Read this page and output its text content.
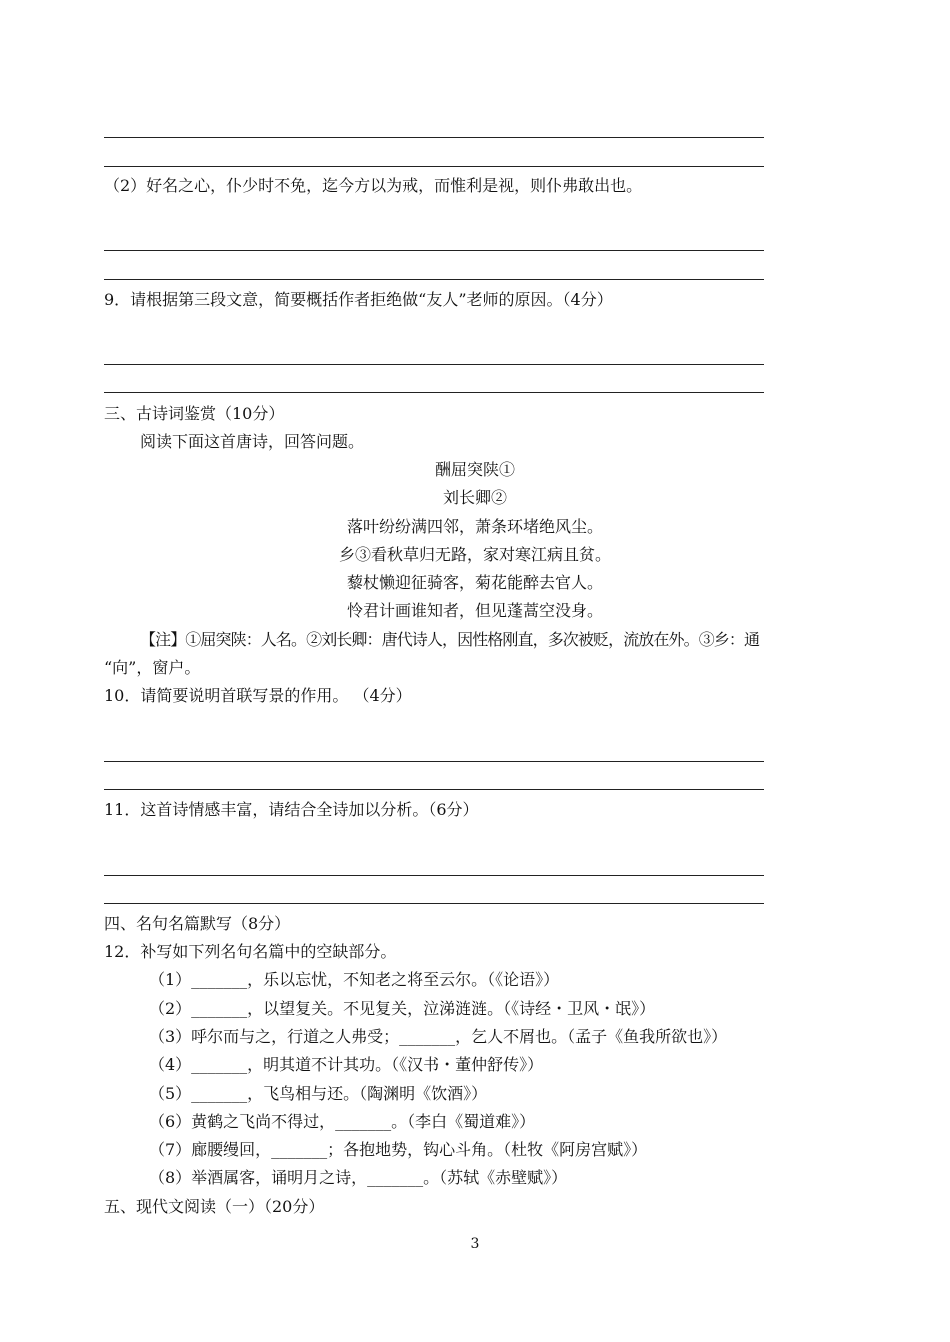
（2）好名之心，仆少时不免，迄今方以为戒，而惟利是视，则仆弗敢出也。
9．请根据第三段文意，简要概括作者拒绝做“友人”老师的原因。（4分）
三、古诗词鉴赏（10分）
阅读下面这首唐诗，回答问题。
酬屈突陕①
刘长卿②
落叶纷纷满四邻，萧条环堵绝风尘。
乡③看秋草归无路，家对寒江病且贫。
藜杖懒迎征骑客，菊花能醉去官人。
怜君计画谁知者，但见蓬蒿空没身。
【注】①屈突陕：人名。②刘长卿：唐代诗人，因性格刚直，多次被贬，流放在外。③乡：通
“向”，窗户。
10．请简要说明首联写景的作用。 （4分）
11．这首诗情感丰富，请结合全诗加以分析。（6分）
四、名句名篇默写（8分）
12．补写如下列名句名篇中的空缺部分。
（1）_______，乐以忘忧，不知老之将至云尔。（《论语》）
（2）_______，以望复关。不见复关，泣涕涟涟。（《诗经・卫风・氓》）
（3）呼尔而与之，行道之人弗受；_______，乞人不屑也。（孟子《鱼我所欲也》）
（4）_______，明其道不计其功。（《汉书・董仲舒传》）
（5）_______，飞鸟相与还。（陶渊明《饮酒》）
（6）黄鹤之飞尚不得过，_______。（李白《蜀道难》）
（7）廊腰缦回，_______；各抱地势，钩心斗角。（杜牧《阿房宫赋》）
（8）举酒属客，诵明月之诗，_______。（苏轼《赤壁赋》）
五、现代文阅读（一）（20分）
3
